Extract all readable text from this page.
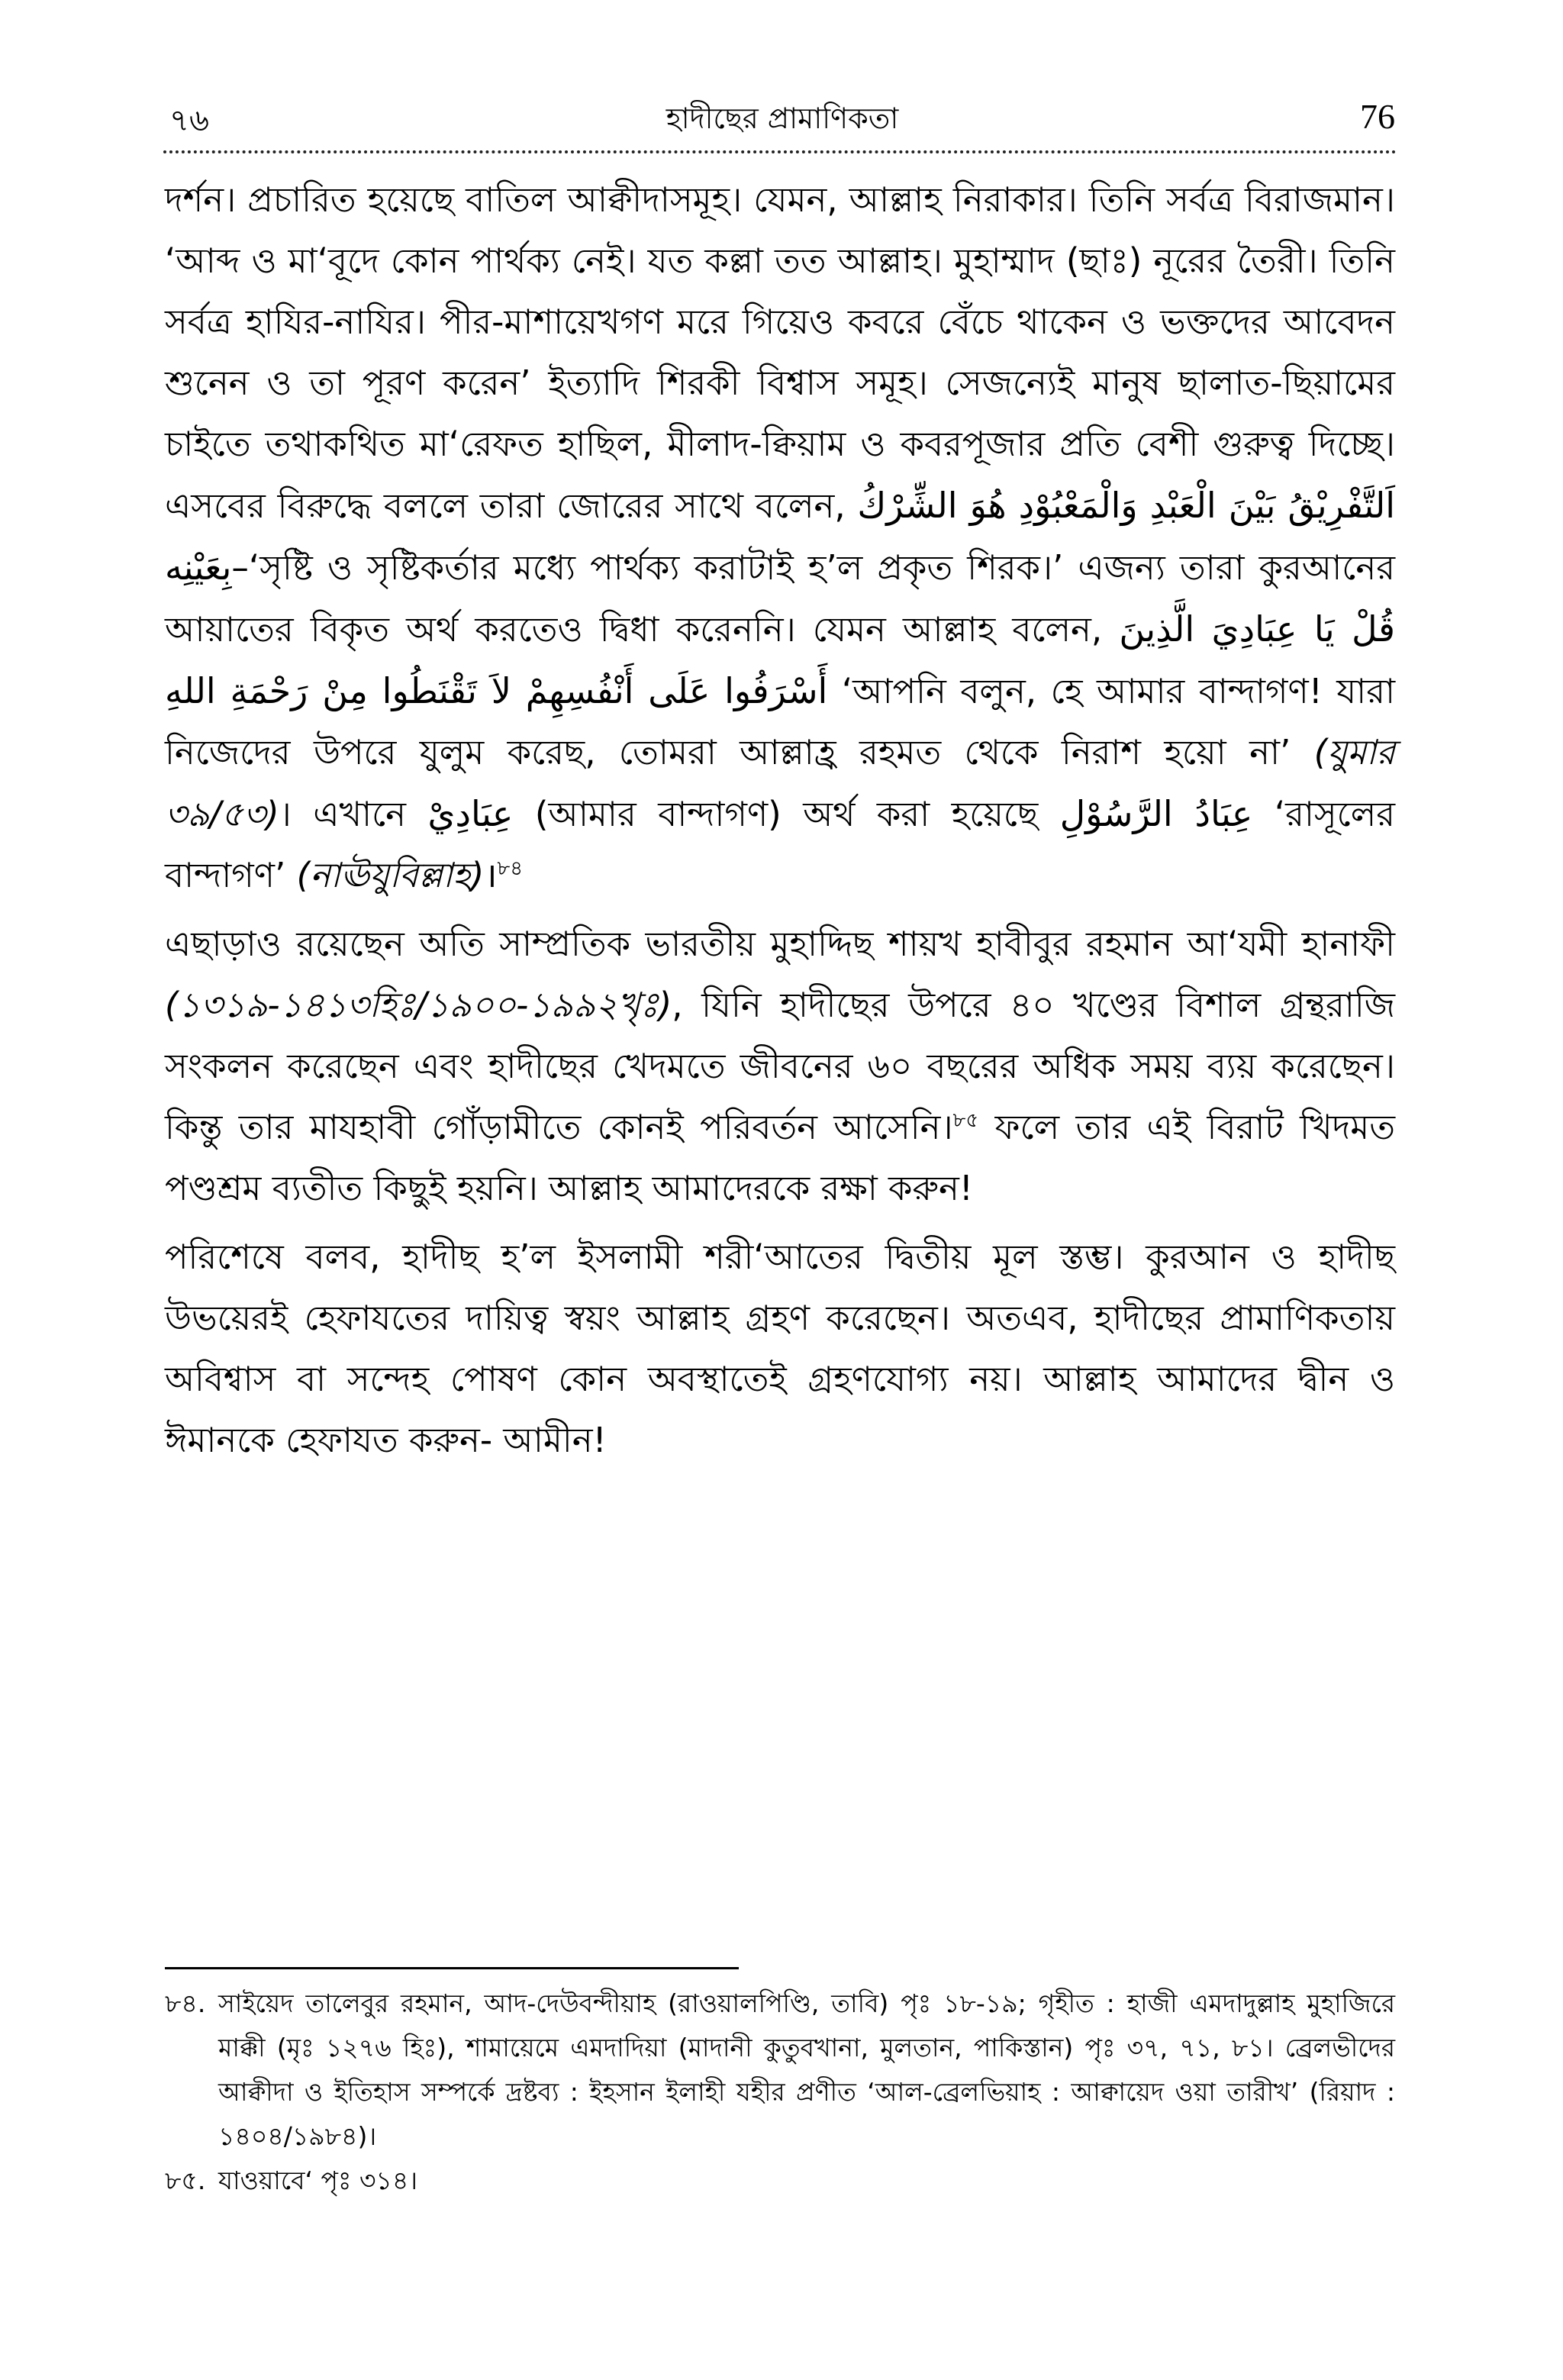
হাদীছের প্রামাণিকতা
৭৬	76

দর্শন। প্রচারিত হয়েছে বাতিল আক্বীদাসমূহ। যেমন, আল্লাহ নিরাকার। তিনি সর্বত্র বিরাজমান। ‘আব্দ ও মা‘বূদে কোন পার্থক্য নেই। যত কল্লা তত আল্লাহ। মুহাম্মাদ (ছাঃ) নূরের তৈরী। তিনি সর্বত্র হাযির-নাযির। পীর-মাশায়েখগণ মরে গিয়েও কবরে বেঁচে থাকেন ও ভক্তদের আবেদন শুনেন ও তা পূরণ করেন’ ইত্যাদি শিরকী বিশ্বাস সমূহ। সেজন্যেই মানুষ ছালাত-ছিয়ামের চাইতে তথাকথিত মা‘রেফত হাছিল, মীলাদ-ক্বিয়াম ও কবরপূজার প্রতি বেশী গুরুত্ব দিচ্ছে। এসবের বিরুদ্ধে বললে তারা জোরের সাথে বলেন, اَلتَّفْرِيْقُ بَيْنَ الْعَبْدِ وَالْمَعْبُوْدِ هُوَ الشِّرْكُ بِعَيْنِه–‘সৃষ্টি ও সৃষ্টিকর্তার মধ্যে পার্থক্য করাটাই হ’ল প্রকৃত শিরক।’ এজন্য তারা কুরআনের আয়াতের বিকৃত অর্থ করতেও দ্বিধা করেননি। যেমন আল্লাহ বলেন, قُلْ يَا عِبَادِيَ الَّذِينَ أَسْرَفُوا عَلَى أَنْفُسِهِمْ لاَ تَقْنَطُوا مِنْ رَحْمَةِ اللهِ ‘আপনি বলুন, হে আমার বান্দাগণ! যারা নিজেদের উপরে যুলুম করেছ, তোমরা আল্লাহ্র রহমত থেকে নিরাশ হয়ো না’ (যুমার ৩৯/৫৩)। এখানে عِبَادِيْ (আমার বান্দাগণ) অর্থ করা হয়েছে عِبَادُ الرَّسُوْلِ ‘রাসূলের বান্দাগণ’ (নাঊযুবিল্লাহ)।$^{৮৪}$

এছাড়াও রয়েছেন অতি সাম্প্রতিক ভারতীয় মুহাদ্দিছ শায়খ হাবীবুর রহমান আ‘যমী হানাফী (১৩১৯-১৪১৩হিঃ/১৯০০-১৯৯২খৃঃ), যিনি হাদীছের উপরে ৪০ খণ্ডের বিশাল গ্রন্থরাজি সংকলন করেছেন এবং হাদীছের খেদমতে জীবনের ৬০ বছরের অধিক সময় ব্যয় করেছেন। কিন্তু তার মাযহাবী গোঁড়ামীতে কোনই পরিবর্তন আসেনি।$^{৮৫}$ ফলে তার এই বিরাট খিদমত পণ্ডশ্রম ব্যতীত কিছুই হয়নি। আল্লাহ আমাদেরকে রক্ষা করুন!

পরিশেষে বলব, হাদীছ হ’ল ইসলামী শরী‘আতের দ্বিতীয় মূল স্তম্ভ। কুরআন ও হাদীছ উভয়েরই হেফাযতের দায়িত্ব স্বয়ং আল্লাহ গ্রহণ করেছেন। অতএব, হাদীছের প্রামাণিকতায় অবিশ্বাস বা সন্দেহ পোষণ কোন অবস্থাতেই গ্রহণযোগ্য নয়। আল্লাহ আমাদের দ্বীন ও ঈমানকে হেফাযত করুন- আমীন!

৮৪. সাইয়েদ তালেবুর রহমান, আদ-দেউবন্দীয়াহ (রাওয়ালপিণ্ডি, তাবি) পৃঃ ১৮-১৯; গৃহীত : হাজী এমদাদুল্লাহ মুহাজিরে মাক্কী (মৃঃ ১২৭৬ হিঃ), শামায়েমে এমদাদিয়া (মাদানী কুতুবখানা, মুলতান, পাকিস্তান) পৃঃ ৩৭, ৭১, ৮১। ব্রেলভীদের আক্বীদা ও ইতিহাস সম্পর্কে দ্রষ্টব্য : ইহসান ইলাহী যহীর প্রণীত ‘আল-ব্রেলভিয়াহ : আক্বায়েদ ওয়া তারীখ’ (রিয়াদ : ১৪০৪/১৯৮৪)।

৮৫. যাওয়াবে‘ পৃঃ ৩১৪।
